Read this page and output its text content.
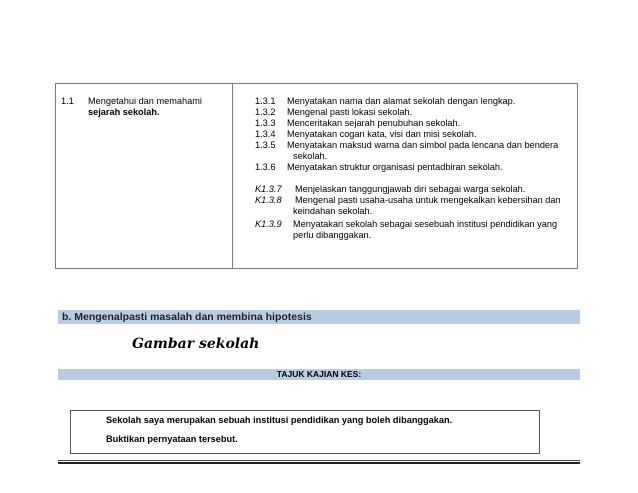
1.1 Mengetahui dan memahami
sejarah sekolah.
1.3.1 Menyatakan nama dan alamat sekolah dengan lengkap.
1.3.2 Mengenal pasti lokasi sekolah.
1.3.3 Menceritakan sejarah penubuhan sekolah.
1.3.4 Menyatakan cogan kata, visi dan misi sekolah.
1.3.5 Menyatakan maksud warna dan simbol pada lencana dan bendera
sekolah.
1.3.6 Menyatakan struktur organisasi pentadbiran sekolah.
K1.3.7 Menjelaskan tanggungjawab diri sebagai warga sekolah.
K1.3.8 Mengenal pasti usaha-usaha untuk mengekalkan kebersihan dan
keindahan sekolah.
K1.3.9 Menyatakan sekolah sebagai sesebuah institusi pendidikan yang
perlu dibanggakan.
b. Mengenalpasti masalah dan membina hipotesis
Gambar sekolah
TAJUK KAJIAN KES:
Sekolah saya merupakan sebuah institusi pendidikan yang boleh dibanggakan.
Buktikan pernyataan tersebut.
